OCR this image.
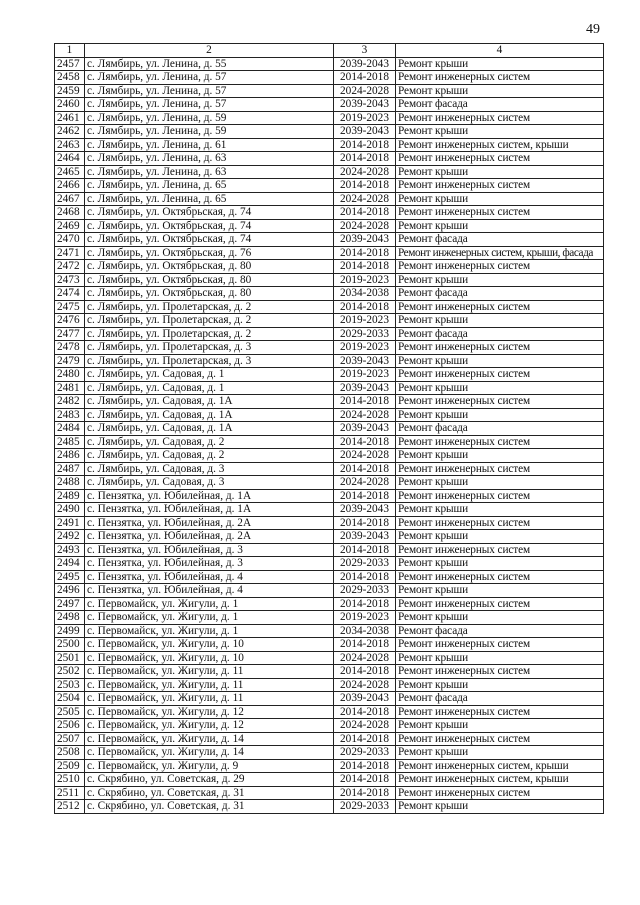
49
1	2	3	4
2457	с. Лямбирь, ул. Ленина, д. 55	2039-2043	Ремонт крыши
2458	с. Лямбирь, ул. Ленина, д. 57	2014-2018	Ремонт инженерных систем
2459	с. Лямбирь, ул. Ленина, д. 57	2024-2028	Ремонт крыши
2460	с. Лямбирь, ул. Ленина, д. 57	2039-2043	Ремонт фасада
2461	с. Лямбирь, ул. Ленина, д. 59	2019-2023	Ремонт инженерных систем
2462	с. Лямбирь, ул. Ленина, д. 59	2039-2043	Ремонт крыши
2463	с. Лямбирь, ул. Ленина, д. 61	2014-2018	Ремонт инженерных систем, крыши
2464	с. Лямбирь, ул. Ленина, д. 63	2014-2018	Ремонт инженерных систем
2465	с. Лямбирь, ул. Ленина, д. 63	2024-2028	Ремонт крыши
2466	с. Лямбирь, ул. Ленина, д. 65	2014-2018	Ремонт инженерных систем
2467	с. Лямбирь, ул. Ленина, д. 65	2024-2028	Ремонт крыши
2468	с. Лямбирь, ул. Октябрьская, д. 74	2014-2018	Ремонт инженерных систем
2469	с. Лямбирь, ул. Октябрьская, д. 74	2024-2028	Ремонт крыши
2470	с. Лямбирь, ул. Октябрьская, д. 74	2039-2043	Ремонт фасада
2471	с. Лямбирь, ул. Октябрьская, д. 76	2014-2018	Ремонт инженерных систем, крыши, фасада
2472	с. Лямбирь, ул. Октябрьская, д. 80	2014-2018	Ремонт инженерных систем
2473	с. Лямбирь, ул. Октябрьская, д. 80	2019-2023	Ремонт крыши
2474	с. Лямбирь, ул. Октябрьская, д. 80	2034-2038	Ремонт фасада
2475	с. Лямбирь, ул. Пролетарская, д. 2	2014-2018	Ремонт инженерных систем
2476	с. Лямбирь, ул. Пролетарская, д. 2	2019-2023	Ремонт крыши
2477	с. Лямбирь, ул. Пролетарская, д. 2	2029-2033	Ремонт фасада
2478	с. Лямбирь, ул. Пролетарская, д. 3	2019-2023	Ремонт инженерных систем
2479	с. Лямбирь, ул. Пролетарская, д. 3	2039-2043	Ремонт крыши
2480	с. Лямбирь, ул. Садовая, д. 1	2019-2023	Ремонт инженерных систем
2481	с. Лямбирь, ул. Садовая, д. 1	2039-2043	Ремонт крыши
2482	с. Лямбирь, ул. Садовая, д. 1А	2014-2018	Ремонт инженерных систем
2483	с. Лямбирь, ул. Садовая, д. 1А	2024-2028	Ремонт крыши
2484	с. Лямбирь, ул. Садовая, д. 1А	2039-2043	Ремонт фасада
2485	с. Лямбирь, ул. Садовая, д. 2	2014-2018	Ремонт инженерных систем
2486	с. Лямбирь, ул. Садовая, д. 2	2024-2028	Ремонт крыши
2487	с. Лямбирь, ул. Садовая, д. 3	2014-2018	Ремонт инженерных систем
2488	с. Лямбирь, ул. Садовая, д. 3	2024-2028	Ремонт крыши
2489	с. Пензятка, ул. Юбилейная, д. 1А	2014-2018	Ремонт инженерных систем
2490	с. Пензятка, ул. Юбилейная, д. 1А	2039-2043	Ремонт крыши
2491	с. Пензятка, ул. Юбилейная, д. 2А	2014-2018	Ремонт инженерных систем
2492	с. Пензятка, ул. Юбилейная, д. 2А	2039-2043	Ремонт крыши
2493	с. Пензятка, ул. Юбилейная, д. 3	2014-2018	Ремонт инженерных систем
2494	с. Пензятка, ул. Юбилейная, д. 3	2029-2033	Ремонт крыши
2495	с. Пензятка, ул. Юбилейная, д. 4	2014-2018	Ремонт инженерных систем
2496	с. Пензятка, ул. Юбилейная, д. 4	2029-2033	Ремонт крыши
2497	с. Первомайск, ул. Жигули, д. 1	2014-2018	Ремонт инженерных систем
2498	с. Первомайск, ул. Жигули, д. 1	2019-2023	Ремонт крыши
2499	с. Первомайск, ул. Жигули, д. 1	2034-2038	Ремонт фасада
2500	с. Первомайск, ул. Жигули, д. 10	2014-2018	Ремонт инженерных систем
2501	с. Первомайск, ул. Жигули, д. 10	2024-2028	Ремонт крыши
2502	с. Первомайск, ул. Жигули, д. 11	2014-2018	Ремонт инженерных систем
2503	с. Первомайск, ул. Жигули, д. 11	2024-2028	Ремонт крыши
2504	с. Первомайск, ул. Жигули, д. 11	2039-2043	Ремонт фасада
2505	с. Первомайск, ул. Жигули, д. 12	2014-2018	Ремонт инженерных систем
2506	с. Первомайск, ул. Жигули, д. 12	2024-2028	Ремонт крыши
2507	с. Первомайск, ул. Жигули, д. 14	2014-2018	Ремонт инженерных систем
2508	с. Первомайск, ул. Жигули, д. 14	2029-2033	Ремонт крыши
2509	с. Первомайск, ул. Жигули, д. 9	2014-2018	Ремонт инженерных систем, крыши
2510	с. Скрябино, ул. Советская, д. 29	2014-2018	Ремонт инженерных систем, крыши
2511	с. Скрябино, ул. Советская, д. 31	2014-2018	Ремонт инженерных систем
2512	с. Скрябино, ул. Советская, д. 31	2029-2033	Ремонт крыши
